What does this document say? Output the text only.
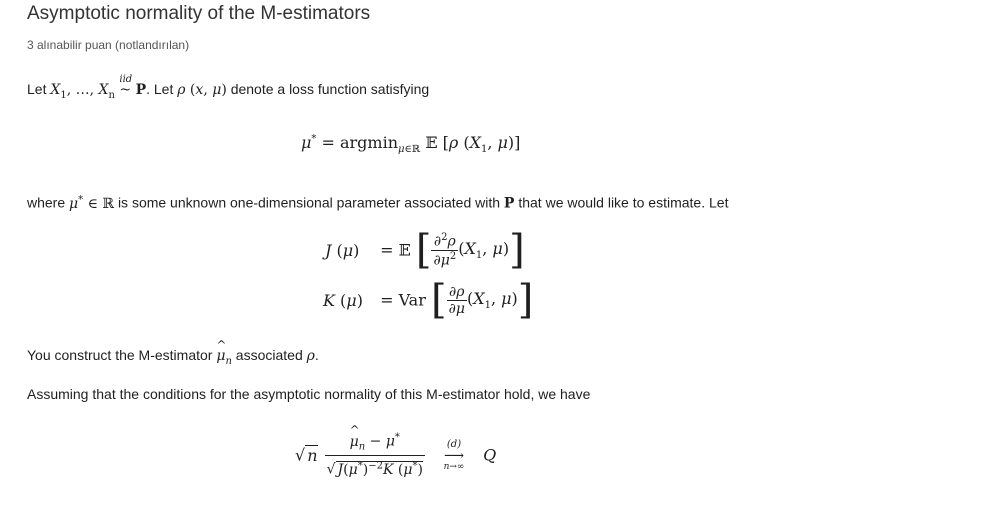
Asymptotic normality of the M-estimators
3 alınabilir puan (notlandırılan)
Let $X_1$, …, $X_n$
iid
~ P. Let ρ (x, μ) denote a loss function satisfying
μ* = argmin$_{\mu\in ℝ}$ 𝔼 [ρ ($X_1$, μ)]
where μ* ∈ ℝ is some unknown one-dimensional parameter associated with P that we would like to estimate. Let
J (μ) = 𝔼 [ $\frac{\partial^2\rho}{\partial\mu^2} (X_1$, μ)]
K (μ) = Var [ $\frac{\partial\rho}{\partial\mu} (X_1$, μ)]
You construct the M-estimator ^ $\mu_n$ associated ρ.
Assuming that the conditions for the asymptotic normality of this M-estimator hold, we have
√ n ^ $\frac{\mu_n - \mu^*}{√ J(\mu^*)^{-2}K (\mu^*)}$
	(d)
⟶
n→∞
Q
